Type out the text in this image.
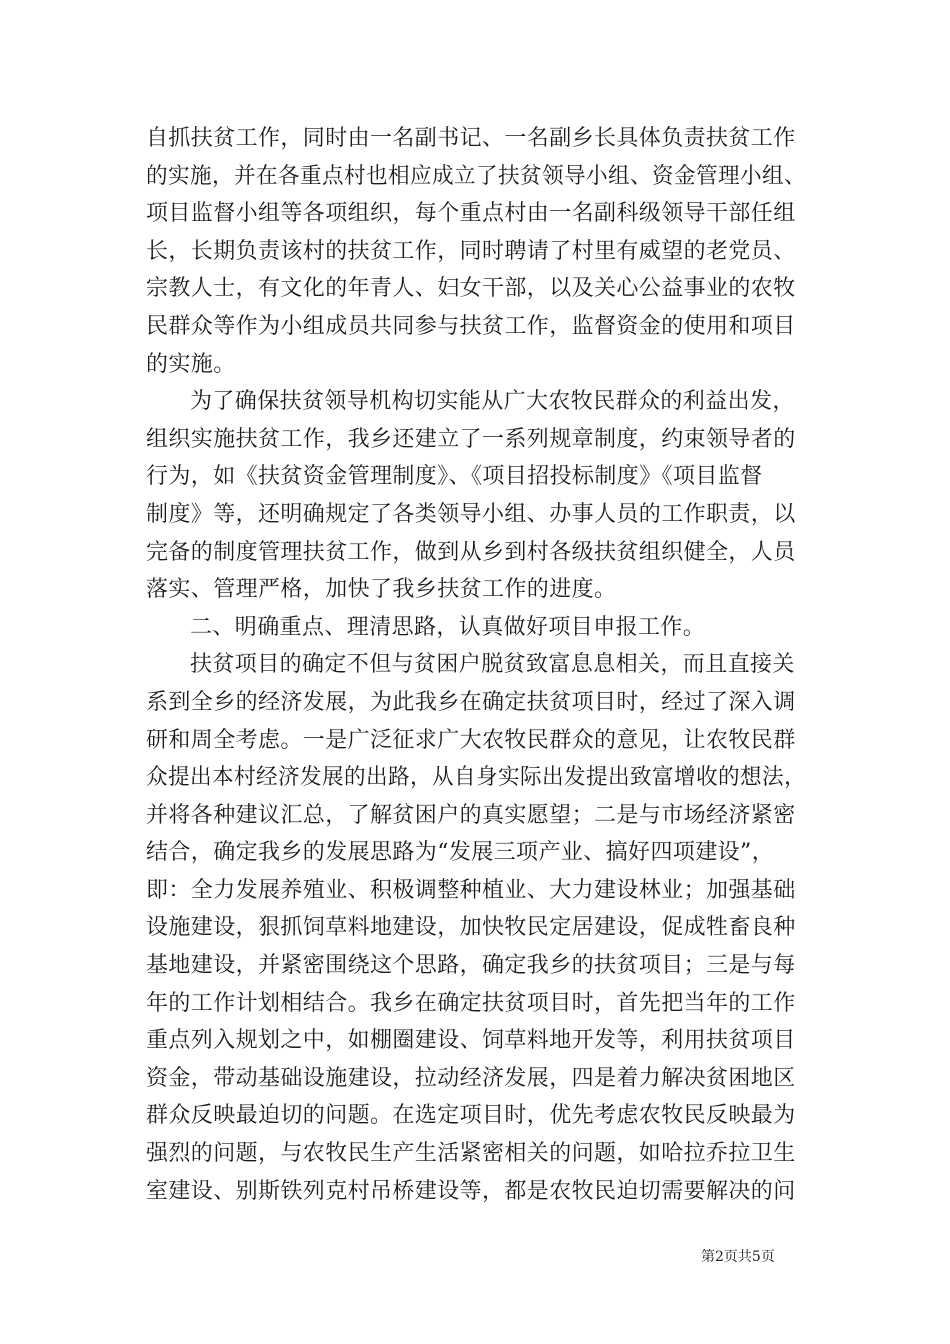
自抓扶贫工作，同时由一名副书记、一名副乡长具体负责扶贫工作
的实施，并在各重点村也相应成立了扶贫领导小组、资金管理小组、
项目监督小组等各项组织，每个重点村由一名副科级领导干部任组
长，长期负责该村的扶贫工作，同时聘请了村里有威望的老党员、
宗教人士，有文化的年青人、妇女干部，以及关心公益事业的农牧
民群众等作为小组成员共同参与扶贫工作，监督资金的使用和项目
的实施。
为了确保扶贫领导机构切实能从广大农牧民群众的利益出发，
组织实施扶贫工作，我乡还建立了一系列规章制度，约束领导者的
行为，如《扶贫资金管理制度》、《项目招投标制度》《项目监督
制度》等，还明确规定了各类领导小组、办事人员的工作职责，以
完备的制度管理扶贫工作，做到从乡到村各级扶贫组织健全，人员
落实、管理严格，加快了我乡扶贫工作的进度。
二、明确重点、理清思路，认真做好项目申报工作。
扶贫项目的确定不但与贫困户脱贫致富息息相关，而且直接关
系到全乡的经济发展，为此我乡在确定扶贫项目时，经过了深入调
研和周全考虑。一是广泛征求广大农牧民群众的意见，让农牧民群
众提出本村经济发展的出路，从自身实际出发提出致富增收的想法，
并将各种建议汇总，了解贫困户的真实愿望；二是与市场经济紧密
结合，确定我乡的发展思路为“发展三项产业、搞好四项建设”，
即：全力发展养殖业、积极调整种植业、大力建设林业；加强基础
设施建设，狠抓饲草料地建设，加快牧民定居建设，促成牲畜良种
基地建设，并紧密围绕这个思路，确定我乡的扶贫项目；三是与每
年的工作计划相结合。我乡在确定扶贫项目时，首先把当年的工作
重点列入规划之中，如棚圈建设、饲草料地开发等，利用扶贫项目
资金，带动基础设施建设，拉动经济发展，四是着力解决贫困地区
群众反映最迫切的问题。在选定项目时，优先考虑农牧民反映最为
强烈的问题，与农牧民生产生活紧密相关的问题，如哈拉乔拉卫生
室建设、别斯铁列克村吊桥建设等，都是农牧民迫切需要解决的问
第2页共5页
